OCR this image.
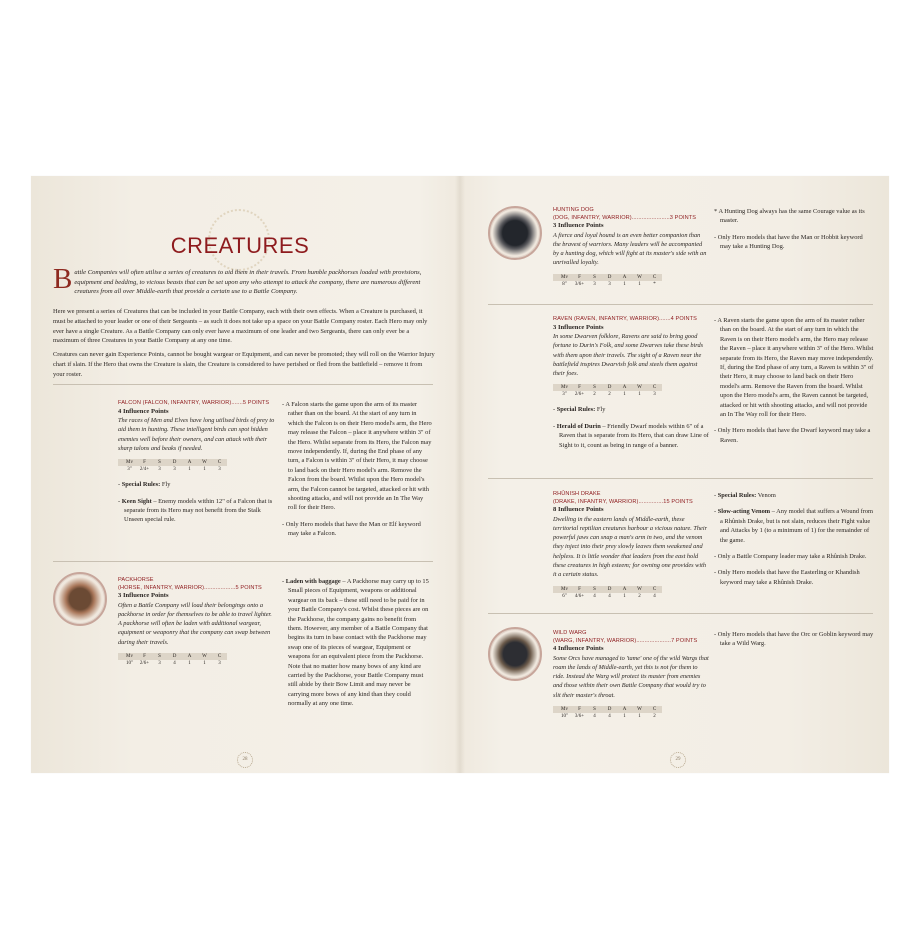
CREATURES
Battle Companies will often utilise a series of creatures to aid them in their travels. From humble packhorses loaded with provisions, equipment and bedding, to vicious beasts that can be set upon any who attempt to attack the company, there are numerous different creatures from all over Middle-earth that provide a certain use to a Battle Company.
Here we present a series of Creatures that can be included in your Battle Company, each with their own effects. When a Creature is purchased, it must be attached to your leader or one of their Sergeants – as such it does not take up a space on your Battle Company roster. Each Hero may only ever have a single Creature. As a Battle Company can only ever have a maximum of one leader and two Sergeants, there can only ever be a maximum of three Creatures in your Battle Company at any one time.
Creatures can never gain Experience Points, cannot be bought wargear or Equipment, and can never be promoted; they will roll on the Warrior Injury chart if slain. If the Hero that owns the Creature is slain, the Creature is considered to have perished or fled from the battlefield – remove it from your roster.
FALCON (FALCON, INFANTRY, WARRIOR).......5 POINTS
4 Influence Points
The races of Men and Elves have long utilised birds of prey to aid them in hunting. These intelligent birds can spot hidden enemies well before their owners, and can attack with their sharp talons and beaks if needed.
Mv	F	S	D	A	W	C
3"	2/4+	3	3	1	1	3

- Special Rules: Fly

- Keen Sight – Enemy models within 12" of a Falcon that is separate from its Hero may not benefit from the Stalk Unseen special rule.

- A Falcon starts the game upon the arm of its master rather than on the board. At the start of any turn in which the Falcon is on their Hero model's arm, the Hero may release the Falcon – place it anywhere within 3" of the Hero. Whilst separate from its Hero, the Falcon may move independently. If, during the End phase of any turn, a Falcon is within 3" of their Hero, it may choose to land back on their Hero model's arm. Remove the Falcon from the board. Whilst upon the Hero model's arm, the Falcon cannot be targeted, attacked or hit with shooting attacks, and will not provide an In The Way roll for their Hero.

- Only Hero models that have the Man or Elf keyword may take a Falcon.

PACKHORSE
(HORSE, INFANTRY, WARRIOR)...................5 POINTS
3 Influence Points
Often a Battle Company will load their belongings onto a packhorse in order for themselves to be able to travel lighter. A packhorse will often be laden with additional wargear, equipment or weaponry that the company can swap between during their travels.
Mv	F	S	D	A	W	C
10"	2/6+	3	4	1	1	3

- Laden with baggage – A Packhorse may carry up to 15 Small pieces of Equipment, weapons or additional wargear on its back – these still need to be paid for in your Battle Company's cost. Whilst these pieces are on the Packhorse, the company gains no benefit from them. However, any member of a Battle Company that begins its turn in base contact with the Packhorse may swap one of its pieces of wargear, Equipment or weapons for an equivalent piece from the Packhorse. Note that no matter how many bows of any kind are carried by the Packhorse, your Battle Company must still abide by their Bow Limit and may never be carrying more bows of any kind than they could normally at any one time.

28
HUNTING DOG
(DOG, INFANTRY, WARRIOR).......................3 POINTS
3 Influence Points
A fierce and loyal hound is an even better companion than the bravest of warriors. Many leaders will be accompanied by a hunting dog, which will fight at its master's side with an unrivalled loyalty.
Mv	F	S	D	A	W	C
8"	3/6+	3	3	1	1	*

* A Hunting Dog always has the same Courage value as its master.

- Only Hero models that have the Man or Hobbit keyword may take a Hunting Dog.

RAVEN (RAVEN, INFANTRY, WARRIOR).......4 POINTS
3 Influence Points
In some Dwarven folklore, Ravens are said to bring good fortune to Durin's Folk, and some Dwarves take these birds with them upon their travels. The sight of a Raven near the battlefield inspires Dwarvish folk and steels them against their foes.
Mv	F	S	D	A	W	C
3"	2/6+	2	2	1	1	3

- Special Rules: Fly

- Herald of Durin – Friendly Dwarf models within 6" of a Raven that is separate from its Hero, that can draw Line of Sight to it, count as being in range of a banner.

- A Raven starts the game upon the arm of its master rather than on the board. At the start of any turn in which the Raven is on their Hero model's arm, the Hero may release the Raven – place it anywhere within 3" of the Hero. Whilst separate from its Hero, the Raven may move independently. If, during the End phase of any turn, a Raven is within 3" of their Hero, it may choose to land back on their Hero model's arm. Remove the Raven from the board. Whilst upon the Hero model's arm, the Raven cannot be targeted, attacked or hit with shooting attacks, and will not provide an In The Way roll for their Hero.

- Only Hero models that have the Dwarf keyword may take a Raven.

RHÛNISH DRAKE
(DRAKE, INFANTRY, WARRIOR)...............15 POINTS
8 Influence Points
Dwelling in the eastern lands of Middle-earth, these territorial reptilian creatures harbour a vicious nature. Their powerful jaws can snap a man's arm in two, and the venom they inject into their prey slowly leaves them weakened and helpless. It is little wonder that leaders from the east hold these creatures in high esteem; for owning one provides with it a certain status.
Mv	F	S	D	A	W	C
6"	4/6+	4	4	1	2	4

- Special Rules: Venom

- Slow-acting Venom – Any model that suffers a Wound from a Rhûnish Drake, but is not slain, reduces their Fight value and Attacks by 1 (to a minimum of 1) for the remainder of the game.

- Only a Battle Company leader may take a Rhûnish Drake.

- Only Hero models that have the Easterling or Khandish keyword may take a Rhûnish Drake.

WILD WARG
(WARG, INFANTRY, WARRIOR).....................7 POINTS
4 Influence Points
Some Orcs have managed to 'tame' one of the wild Wargs that roam the lands of Middle-earth, yet this is not for them to ride. Instead the Warg will protect its master from enemies and those within their own Battle Company that would try to slit their master's throat.
Mv	F	S	D	A	W	C
10"	3/6+	4	4	1	1	2

- Only Hero models that have the Orc or Goblin keyword may take a Wild Warg.

29
